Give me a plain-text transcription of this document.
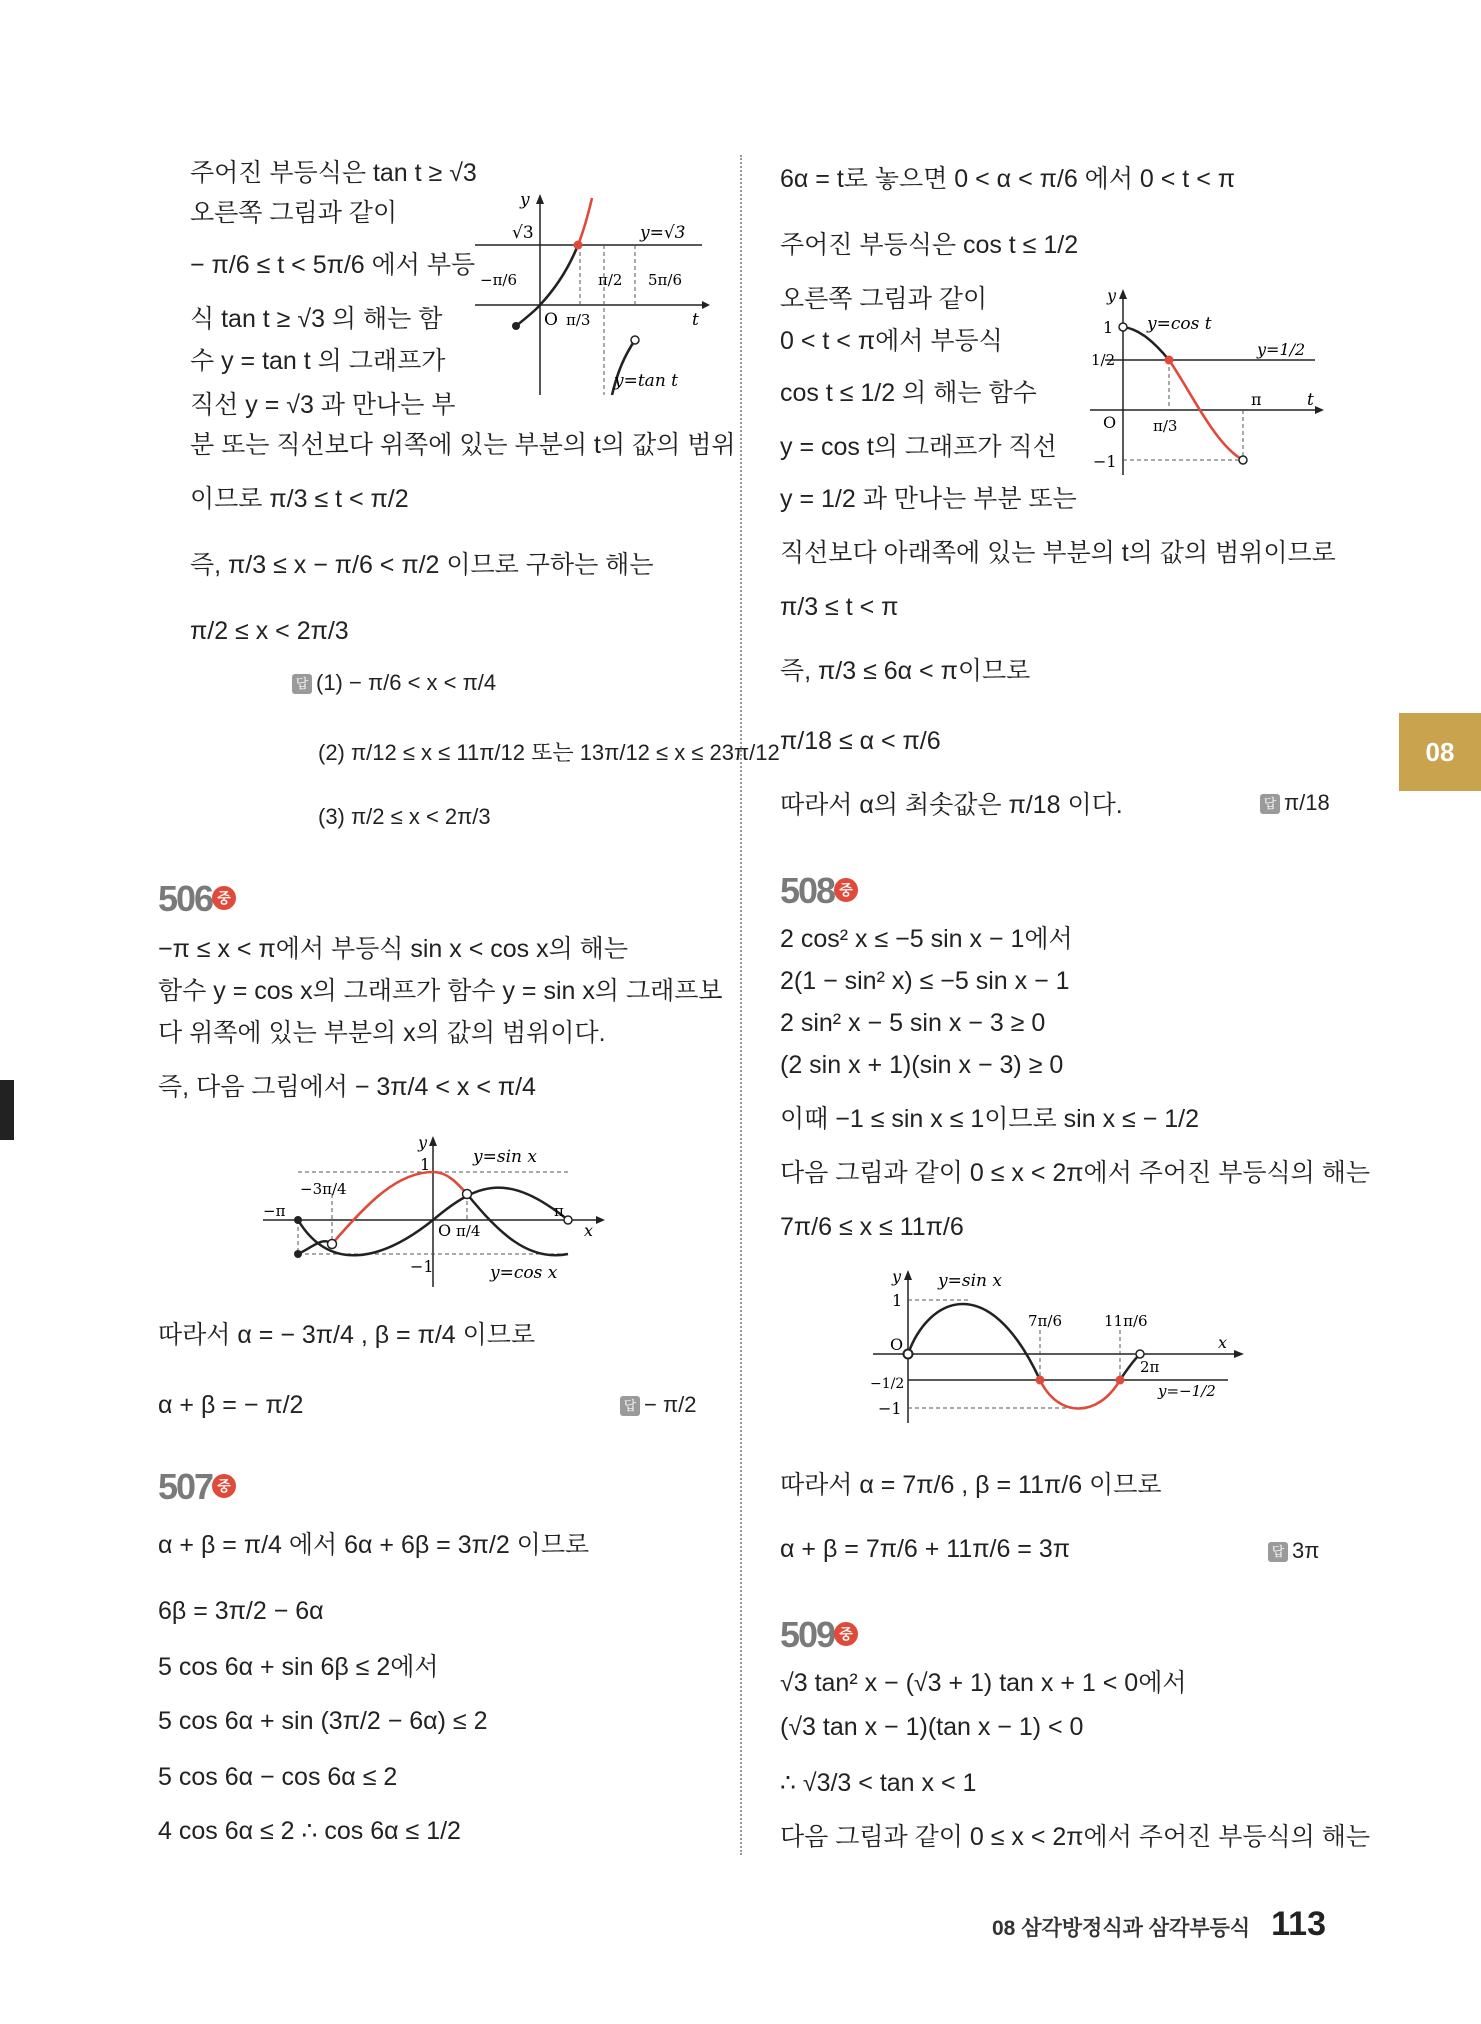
주어진 부등식은 tan t ≥ √3
오른쪽 그림과 같이
− π/6 ≤ t < 5π/6 에서 부등
식 tan t ≥ √3 의 해는 함
수 y = tan t 의 그래프가
직선 y = √3 과 만나는 부
분 또는 직선보다 위쪽에 있는 부분의 t의 값의 범위
이므로 π/3 ≤ t < π/2
즉, π/3 ≤ x − π/6 < π/2 이므로 구하는 해는
π/2 ≤ x < 2π/3
y
√3	y=√3
−π/6	π/2 5π/6
O π/3	t
y=tan t
답 (1) − π/6 < x < π/4
(2) π/12 ≤ x ≤ 11π/12 또는 13π/12 ≤ x ≤ 23π/12
(3) π/2 ≤ x < 2π/3
506 중
−π ≤ x < π에서 부등식 sin x < cos x의 해는
함수 y = cos x의 그래프가 함수 y = sin x의 그래프보
다 위쪽에 있는 부분의 x의 값의 범위이다.
즉, 다음 그림에서 − 3π/4 < x < π/4
y
1	y=sin x
−3π/4
−π
O π/4
π
x
−1	y=cos x
따라서 α = − 3π/4 , β = π/4 이므로
α + β = − π/2	답 − π/2
507 중
α + β = π/4 에서 6α + 6β = 3π/2 이므로
6β = 3π/2 − 6α
5 cos 6α + sin 6β ≤ 2에서
5 cos 6α + sin (3π/2 − 6α) ≤ 2
5 cos 6α − cos 6α ≤ 2
4 cos 6α ≤ 2 ∴ cos 6α ≤ 1/2
6α = t로 놓으면 0 < α < π/6 에서 0 < t < π
주어진 부등식은 cos t ≤ 1/2
오른쪽 그림과 같이
0 < t < π에서 부등식
cos t ≤ 1/2 의 해는 함수
y = cos t의 그래프가 직선
y = 1/2 과 만나는 부분 또는
직선보다 아래쪽에 있는 부분의 t의 값의 범위이므로
π/3 ≤ t < π
즉, π/3 ≤ 6α < π이므로
π/18 ≤ α < π/6
따라서 α의 최솟값은 π/18 이다.	답 π/18
y
1 y=cos t
1/2
y=1/2
O π/3
π	t
−1
508 중
2 cos² x ≤ −5 sin x − 1에서
2(1 − sin² x) ≤ −5 sin x − 1
2 sin² x − 5 sin x − 3 ≥ 0
(2 sin x + 1)(sin x − 3) ≥ 0
이때 −1 ≤ sin x ≤ 1이므로 sin x ≤ − 1/2
다음 그림과 같이 0 ≤ x < 2π에서 주어진 부등식의 해는
7π/6 ≤ x ≤ 11π/6
y y=sin x
1
7π/6	11π/6
x
O
2π
−1/2	y=−1/2
−1
따라서 α = 7π/6 , β = 11π/6 이므로
α + β = 7π/6 + 11π/6 = 3π	답 3π
509 중
√3 tan² x − (√3 + 1) tan x + 1 < 0에서
(√3 tan x − 1)(tan x − 1) < 0
∴ √3/3 < tan x < 1
다음 그림과 같이 0 ≤ x < 2π에서 주어진 부등식의 해는
08
08 삼각방정식과 삼각부등식 113
